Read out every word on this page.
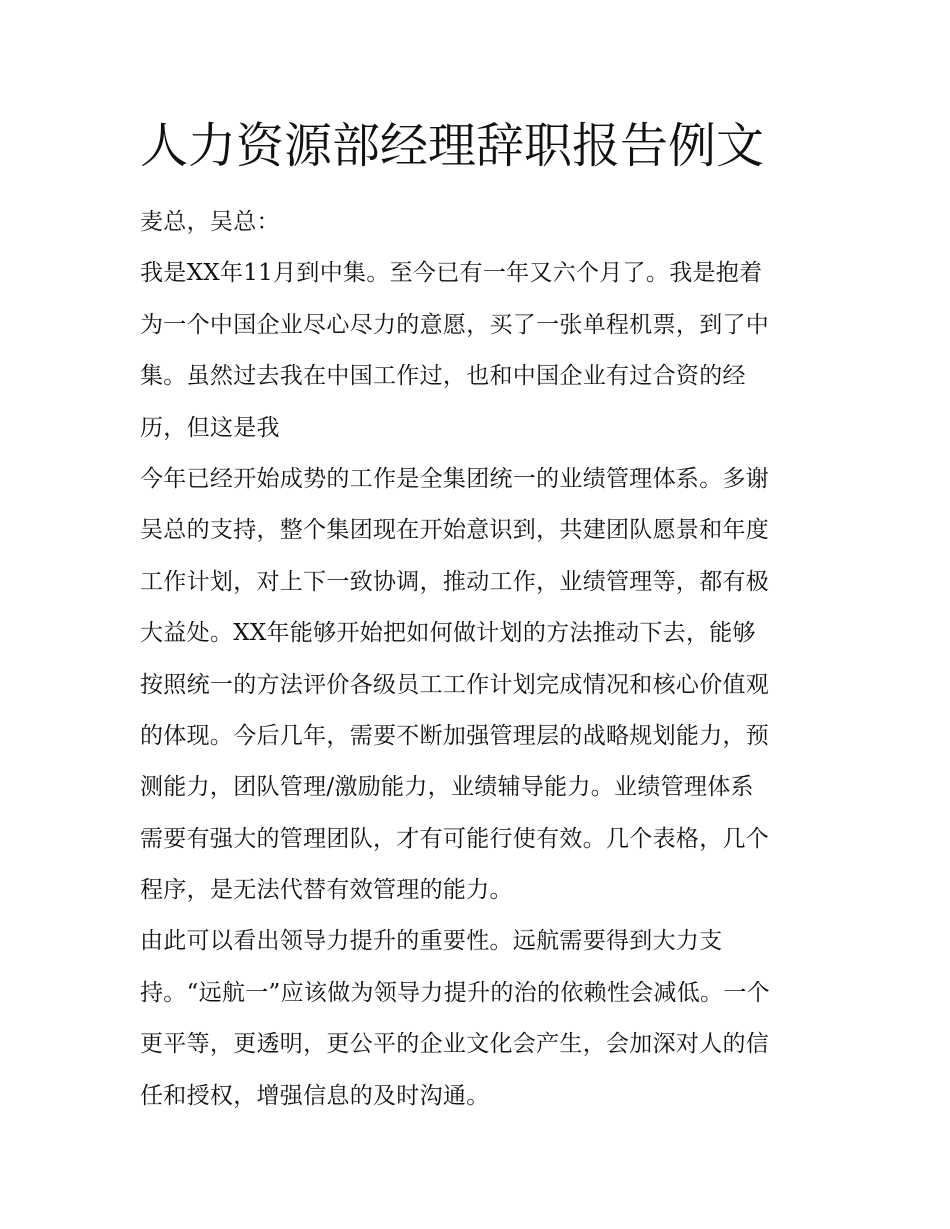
人力资源部经理辞职报告例文
麦总，吴总：
我是XX年11月到中集。至今已有一年又六个月了。我是抱着
为一个中国企业尽心尽力的意愿，买了一张单程机票，到了中
集。虽然过去我在中国工作过，也和中国企业有过合资的经
历，但这是我
今年已经开始成势的工作是全集团统一的业绩管理体系。多谢
吴总的支持，整个集团现在开始意识到，共建团队愿景和年度
工作计划，对上下一致协调，推动工作，业绩管理等，都有极
大益处。XX年能够开始把如何做计划的方法推动下去，能够
按照统一的方法评价各级员工工作计划完成情况和核心价值观
的体现。今后几年，需要不断加强管理层的战略规划能力，预
测能力，团队管理/激励能力，业绩辅导能力。业绩管理体系
需要有强大的管理团队，才有可能行使有效。几个表格，几个
程序，是无法代替有效管理的能力。
由此可以看出领导力提升的重要性。远航需要得到大力支
持。“远航一”应该做为领导力提升的治的依赖性会减低。一个
更平等，更透明，更公平的企业文化会产生，会加深对人的信
任和授权，增强信息的及时沟通。
